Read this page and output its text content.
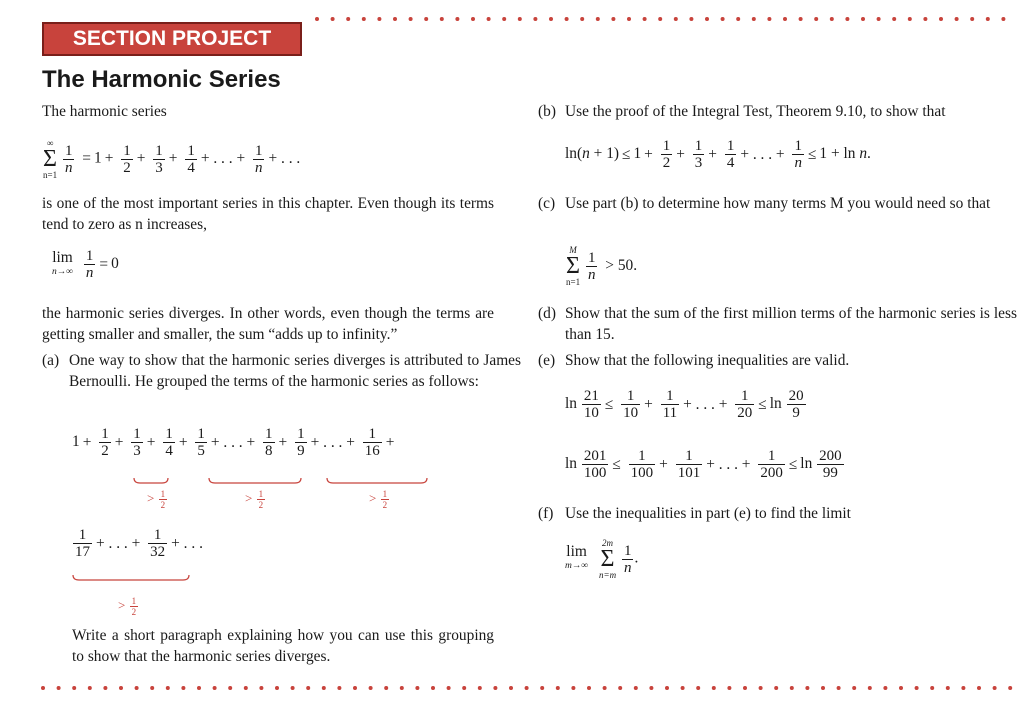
SECTION PROJECT
The Harmonic Series

The harmonic series

∞
Σ
$n=1 \frac{1}{n} = 1 + \frac{1}{2} + \frac{1}{3} + \frac{1}{4}$ + . . . + $\frac{1}{n}$ + . . .

is one of the most important series in this chapter. Even though its terms tend to zero as n increases,

lim
n→∞
$\frac{1}{n} = 0$

the harmonic series diverges. In other words, even though the terms are getting smaller and smaller, the sum “adds up to infinity.”

(a) One way to show that the harmonic series diverges is attributed to James Bernoulli. He grouped the terms of the harmonic series as follows:
$1 + \frac{1}{2} + \frac{1}{3} + \frac{1}{4} + \frac{1}{5}$ + . . . + $\frac{1}{8} + \frac{1}{9}$ + . . . + $\frac{1}{16}$ +
> $\frac{1}{2}$	> $\frac{1}{2}$	> $\frac{1}{2}$
$\frac{1}{17}$ + . . . + $\frac{1}{32}$ + . . .
> $\frac{1}{2}$

Write a short paragraph explaining how you can use this grouping to show that the harmonic series diverges.

(b) Use the proof of the Integral Test, Theorem 9.10, to show that
$\ln(n + 1) \le 1 + \frac{1}{2} + \frac{1}{3} + \frac{1}{4}$ + . . . + $\frac{1}{n} \le 1 + \ln n$.
(c) Use part (b) to determine how many terms M you would need so that
M
Σ
$n=1 \frac{1}{n} > 50$.
(d) Show that the sum of the first million terms of the harmonic series is less than 15.
(e) Show that the following inequalities are valid.
$\ln \frac{21}{10} \le \frac{1}{10} + \frac{1}{11}$ + . . . + $\frac{1}{20} \le \ln \frac{20}{9}$
$\ln \frac{201}{100} \le \frac{1}{100} + \frac{1}{101}$ + . . . + $\frac{1}{200} \le \ln \frac{200}{99}$
(f) Use the inequalities in part (e) to find the limit
lim
m→∞
2m
Σ
$n=m \frac{1}{n}$ .
